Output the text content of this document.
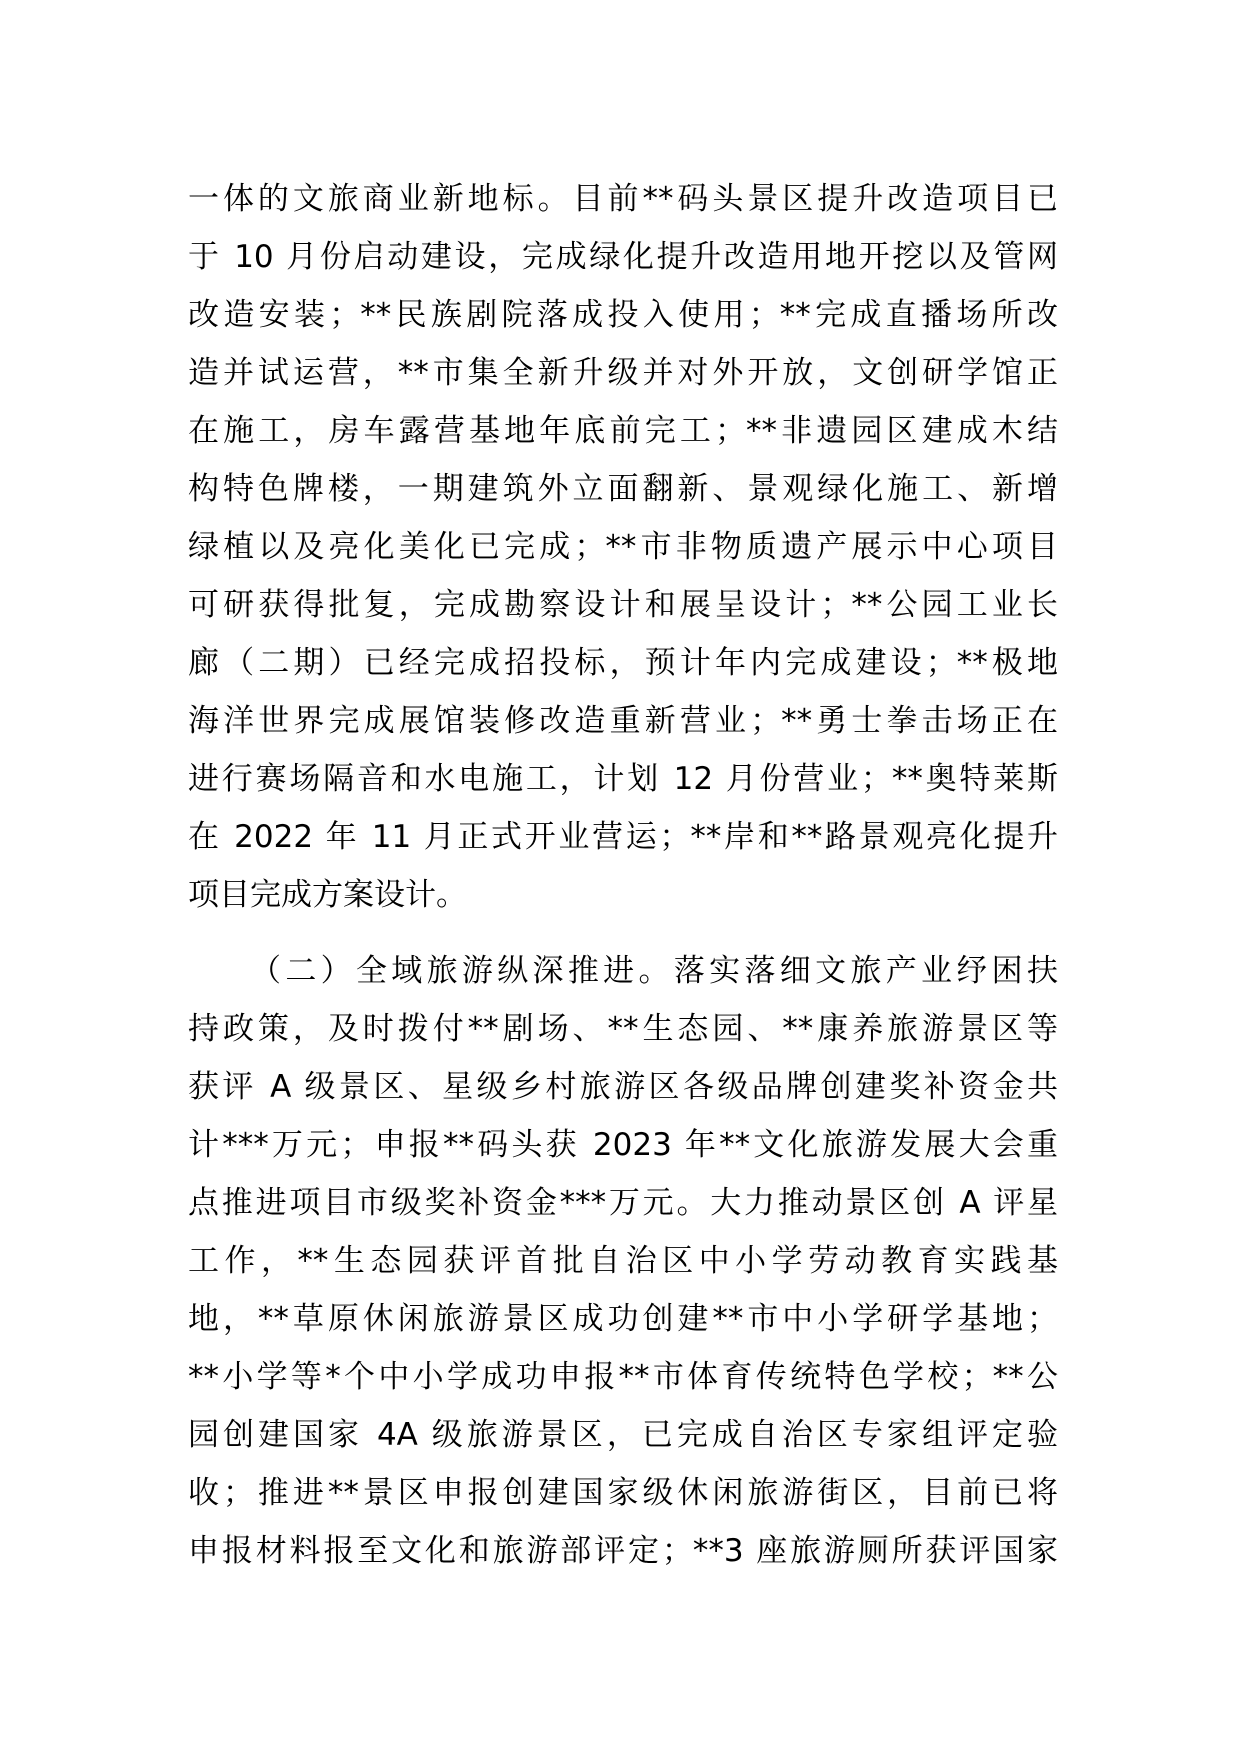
一体的文旅商业新地标。目前**码头景区提升改造项目已
于 10 月份启动建设，完成绿化提升改造用地开挖以及管网
改造安装；**民族剧院落成投入使用；**完成直播场所改
造并试运营，**市集全新升级并对外开放，文创研学馆正
在施工，房车露营基地年底前完工；**非遗园区建成木结
构特色牌楼，一期建筑外立面翻新、景观绿化施工、新增
绿植以及亮化美化已完成；**市非物质遗产展示中心项目
可研获得批复，完成勘察设计和展呈设计；**公园工业长
廊（二期）已经完成招投标，预计年内完成建设；**极地
海洋世界完成展馆装修改造重新营业；**勇士拳击场正在
进行赛场隔音和水电施工，计划 12 月份营业；**奥特莱斯
在 2022 年 11 月正式开业营运；**岸和**路景观亮化提升
项目完成方案设计。
（二）全域旅游纵深推进。落实落细文旅产业纾困扶
持政策，及时拨付**剧场、**生态园、**康养旅游景区等
获评 A 级景区、星级乡村旅游区各级品牌创建奖补资金共
计***万元；申报**码头获 2023 年**文化旅游发展大会重
点推进项目市级奖补资金***万元。大力推动景区创 A 评星
工作，**生态园获评首批自治区中小学劳动教育实践基
地，**草原休闲旅游景区成功创建**市中小学研学基地；
**小学等*个中小学成功申报**市体育传统特色学校；**公
园创建国家 4A 级旅游景区，已完成自治区专家组评定验
收；推进**景区申报创建国家级休闲旅游街区，目前已将
申报材料报至文化和旅游部评定；**3 座旅游厕所获评国家
